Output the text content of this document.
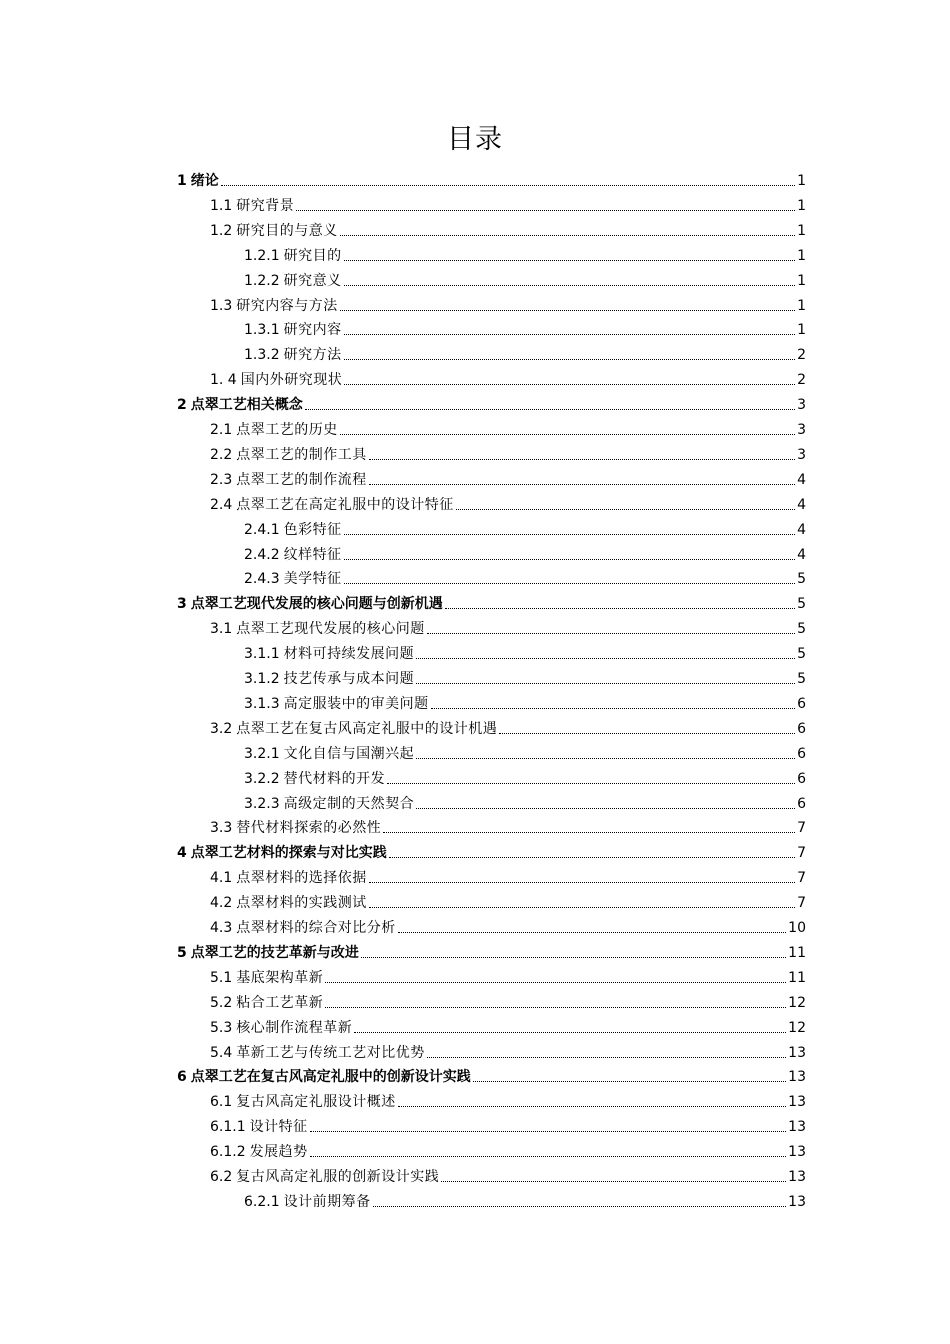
目录
1 绪论	1
1.1 研究背景	1
1.2 研究目的与意义	1
1.2.1 研究目的	1
1.2.2 研究意义	1
1.3 研究内容与方法	1
1.3.1 研究内容	1
1.3.2 研究方法	2
1. 4 国内外研究现状	2
2 点翠工艺相关概念	3
2.1 点翠工艺的历史	3
2.2 点翠工艺的制作工具	3
2.3 点翠工艺的制作流程	4
2.4 点翠工艺在高定礼服中的设计特征	4
2.4.1 色彩特征	4
2.4.2 纹样特征	4
2.4.3 美学特征	5
3 点翠工艺现代发展的核心问题与创新机遇	5
3.1 点翠工艺现代发展的核心问题	5
3.1.1 材料可持续发展问题	5
3.1.2 技艺传承与成本问题	5
3.1.3 高定服装中的审美问题	6
3.2 点翠工艺在复古风高定礼服中的设计机遇	6
3.2.1 文化自信与国潮兴起	6
3.2.2 替代材料的开发	6
3.2.3 高级定制的天然契合	6
3.3 替代材料探索的必然性	7
4 点翠工艺材料的探索与对比实践	7
4.1 点翠材料的选择依据	7
4.2 点翠材料的实践测试	7
4.3 点翠材料的综合对比分析	10
5 点翠工艺的技艺革新与改进	11
5.1 基底架构革新	11
5.2 粘合工艺革新	12
5.3 核心制作流程革新	12
5.4 革新工艺与传统工艺对比优势	13
6 点翠工艺在复古风高定礼服中的创新设计实践	13
6.1 复古风高定礼服设计概述	13
6.1.1 设计特征	13
6.1.2 发展趋势	13
6.2 复古风高定礼服的创新设计实践	13
6.2.1 设计前期筹备	13
